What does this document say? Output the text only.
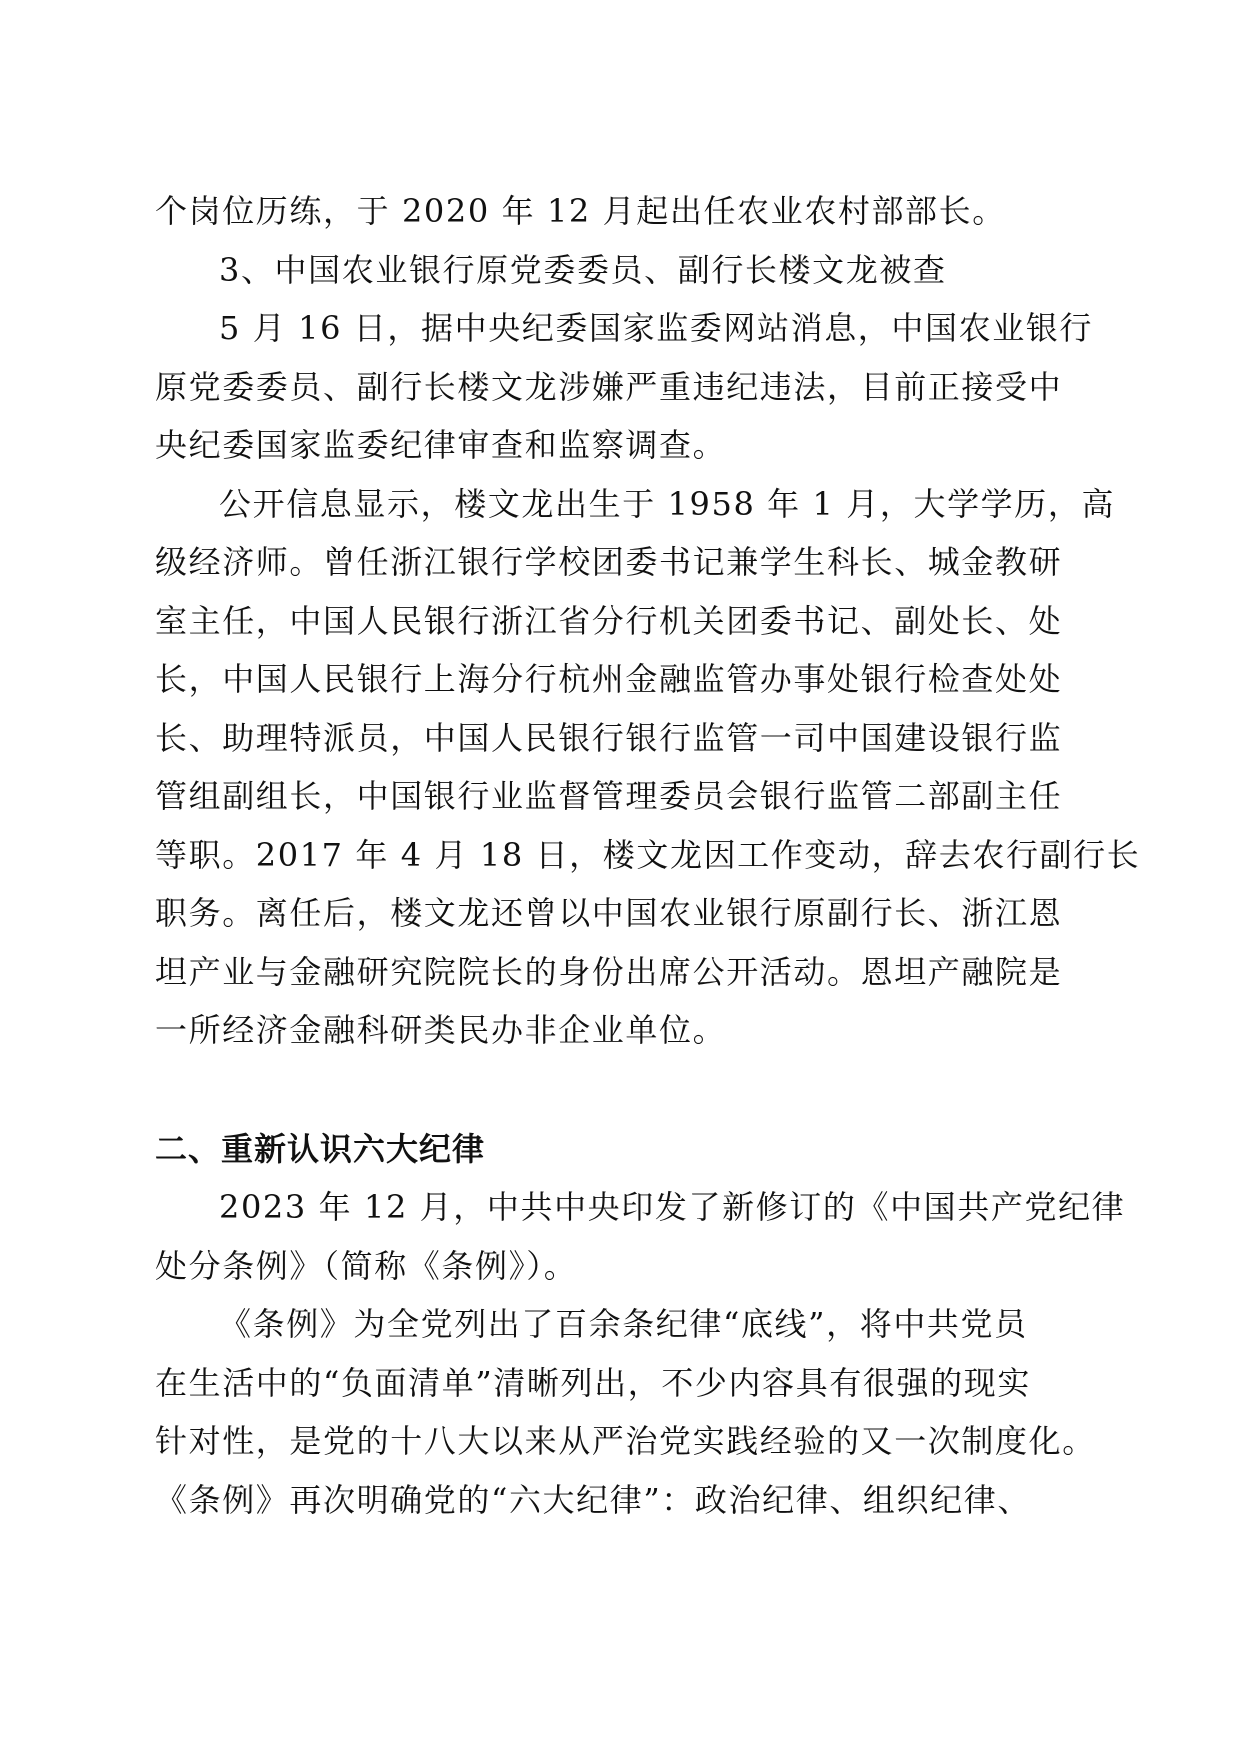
个岗位历练，于 2020 年 12 月起出任农业农村部部长。
3、中国农业银行原党委委员、副行长楼文龙被查
5 月 16 日，据中央纪委国家监委网站消息，中国农业银行
原党委委员、副行长楼文龙涉嫌严重违纪违法，目前正接受中
央纪委国家监委纪律审查和监察调查。
公开信息显示，楼文龙出生于 1958 年 1 月，大学学历，高
级经济师。曾任浙江银行学校团委书记兼学生科长、城金教研
室主任，中国人民银行浙江省分行机关团委书记、副处长、处
长，中国人民银行上海分行杭州金融监管办事处银行检查处处
长、助理特派员，中国人民银行银行监管一司中国建设银行监
管组副组长，中国银行业监督管理委员会银行监管二部副主任
等职。2017 年 4 月 18 日，楼文龙因工作变动，辞去农行副行长
职务。离任后，楼文龙还曾以中国农业银行原副行长、浙江恩
坦产业与金融研究院院长的身份出席公开活动。恩坦产融院是
一所经济金融科研类民办非企业单位。
二、重新认识六大纪律
2023 年 12 月，中共中央印发了新修订的《中国共产党纪律
处分条例》（简称《条例》）。
《条例》为全党列出了百余条纪律“底线”，将中共党员
在生活中的“负面清单”清晰列出，不少内容具有很强的现实
针对性，是党的十八大以来从严治党实践经验的又一次制度化。
《条例》再次明确党的“六大纪律”：政治纪律、组织纪律、
